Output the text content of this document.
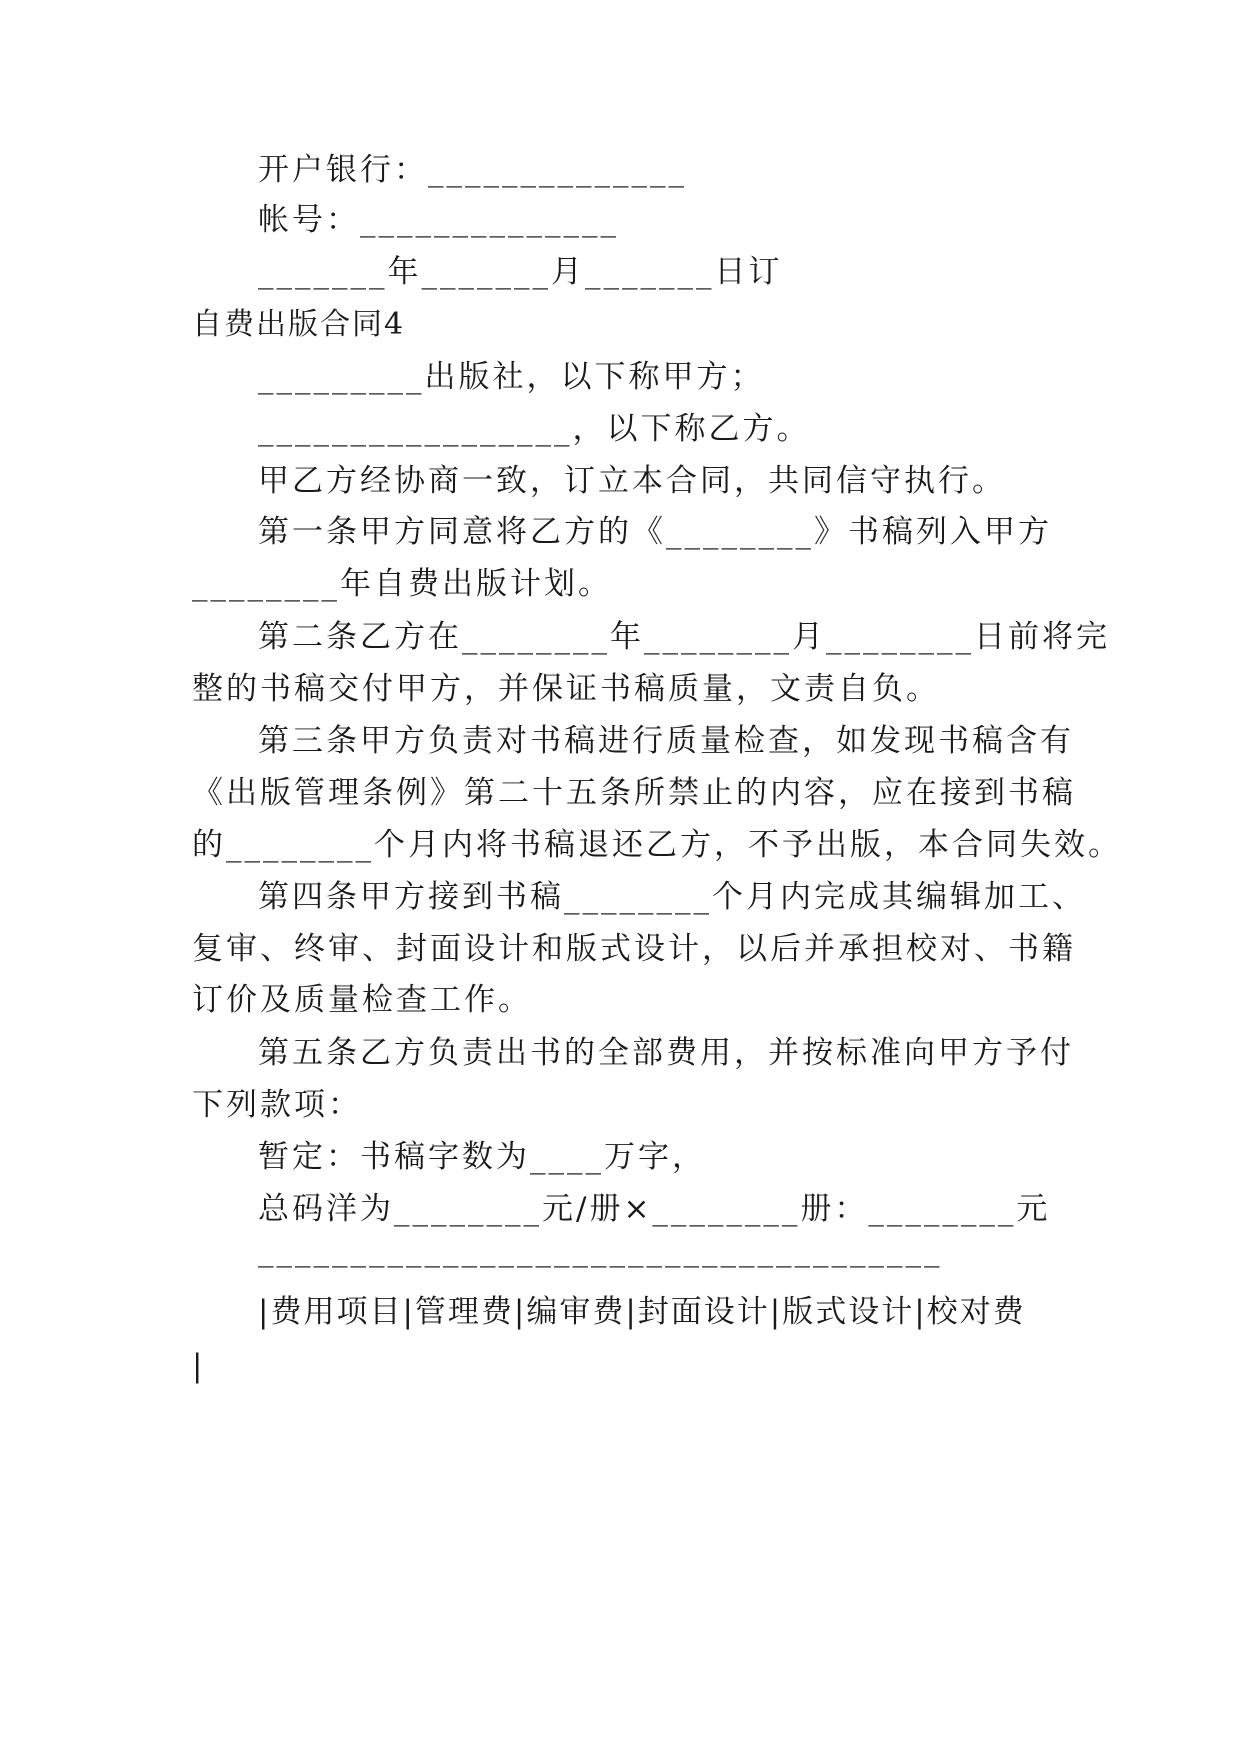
开户银行：______________
帐号：______________
_______年_______月_______日订
自费出版合同4
_________出版社，以下称甲方；
_________________，以下称乙方。
甲乙方经协商一致，订立本合同，共同信守执行。
第一条甲方同意将乙方的《________》书稿列入甲方
________年自费出版计划。
第二条乙方在________年________月________日前将完
整的书稿交付甲方，并保证书稿质量，文责自负。
第三条甲方负责对书稿进行质量检查，如发现书稿含有
《出版管理条例》第二十五条所禁止的内容，应在接到书稿
的________个月内将书稿退还乙方，不予出版，本合同失效。
第四条甲方接到书稿________个月内完成其编辑加工、
复审、终审、封面设计和版式设计，以后并承担校对、书籍
订价及质量检查工作。
第五条乙方负责出书的全部费用，并按标准向甲方予付
下列款项：
暂定：书稿字数为____万字，
总码洋为________元/册×________册：________元
_____________________________________
|费用项目|管理费|编审费|封面设计|版式设计|校对费
|
